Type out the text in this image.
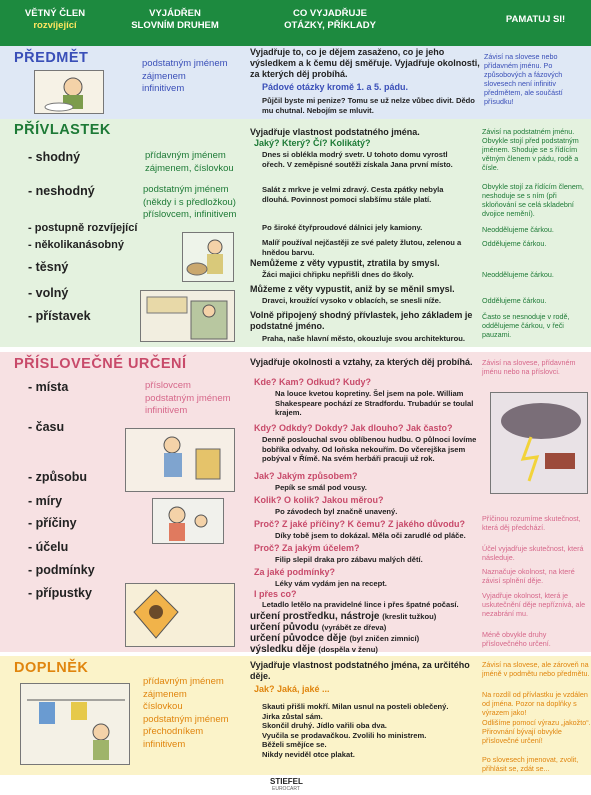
VĚTNÝ ČLEN
rozvíjející
VYJÁDŘEN
SLOVNÍM DRUHEM
CO VYJADŘUJE
OTÁZKY, PŘÍKLADY
PAMATUJ SI!
PŘEDMĚT	podstatným jménem
zájmenem
infinitivem
Vyjadřuje to, co je dějem zasaženo, co je jeho výsledkem a k čemu děj směřuje. Vyjadřuje okolnosti, za kterých děj probíhá.
Pádové otázky kromě 1. a 5. pádu.
Půjčil byste mi penize? Tomu se už nelze vůbec divit. Dědo mu chutnal. Nebojím se mluvit.
Závisí na slovese nebo přídavném jménu. Po způsobových a fázových slovesech není infinitiv předmětem, ale součástí přísudku!
PŘÍVLASTEK
- shodný
- neshodný
- postupně rozvíjející
- několikanásobný
- těsný
- volný
- přístavek
přídavným jménem
zájmenem, číslovkou
podstatným jménem
(někdy i s předložkou)
příslovcem, infinitivem
Vyjadřuje vlastnost podstatného jména.
Jaký? Který? Čí? Kolikátý?
Dnes si oblékla modrý svetr. U tohoto domu vyrostl ořech. V zeměpisné soutěži získala Jana první místo.
Salát z mrkve je velmi zdravý. Cesta zpátky nebyla dlouhá. Povinnost pomoci slabšímu stále platí.
Po široké čtyřproudové dálnici jely kamiony.
Malíř používal nejčastěji ze své palety žlutou, zelenou a hnědou barvu.
Nemůžeme z věty vypustit, ztratila by smysl.
Žáci majici chřipku nepřišli dnes do školy.
Můžeme z věty vypustit, aniž by se měnil smysl.
Dravci, kroužící vysoko v oblacích, se snesli níže.
Volně připojený shodný přívlastek, jeho základem je podstatné jméno.
Praha, naše hlavní město, okouzluje svou architekturou.
Závisí na podstatném jménu. Obvykle stojí před podstatným jménem. Shoduje se s řídícím větným členem v pádu, rodě a čísle.
Obvykle stojí za řídícím členem, neshoduje se s ním (při skloňování se celá skladební dvojice nemění).
Neoddělujeme čárkou.
Oddělujeme čárkou.
Neoddělujeme čárkou.
Oddělujeme čárkou.
Často se nesnoduje v rodě, oddělujeme čárkou, v řeči pauzami.
PŘÍSLOVEČNÉ URČENÍ
- místa
- času
- způsobu
- míry
- příčiny
- účelu
- podmínky
- přípustky
příslovcem
podstatným jménem
infinitivem
Vyjadřuje okolnosti a vztahy, za kterých děj probíhá.
Kde? Kam? Odkud? Kudy?
Na louce kvetou kopretiny. Šel jsem na pole. William Shakespeare pochází ze Stradfordu. Trubadúr se toulal krajem.
Kdy? Odkdy? Dokdy? Jak dlouho? Jak často?
Denně poslouchal svou oblíbenou hudbu. O půlnoci lovíme bobříka odvahy. Od loňska nekouřím. Do včerejška jsem pobýval v Římě. Na svém herbáři pracuji už rok.
Jak? Jakým způsobem?
Pepík se smál pod vousy.
Kolik? O kolik? Jakou měrou?
Po závodech byl značně unavený.
Proč? Z jaké příčiny? K čemu? Z jakého důvodu?
Díky tobě jsem to dokázal. Měla oči zarudlé od pláče.
Proč? Za jakým účelem?
Filip slepil draka pro zábavu malých dětí.
Za jaké podmínky?
Léky vám vydám jen na recept.
I přes co?
Letadlo letělo na pravidelné lince i přes špatné počasí.
určení prostředku, nástroje (kreslit tužkou)
určení původu (vyrábět ze dřeva)
určení původce děje (byl zničen zimnicí)
výsledku děje (dospěla v ženu)
Závisí na slovese, přídavném jménu nebo na příslovci.
Příčinou rozumíme skutečnost, která děj předchází.
Účel vyjadřuje skutečnost, která následuje.
Naznačuje okolnost, na které závisí splnění děje.
Vyjadřuje okolnost, která je uskutečnění děje nepříznivá, ale nezabrání mu.
Méně obvykle druhy příslovečného určení.
DOPLNĚK
přídavným jménem
zájmenem
číslovkou
podstatným jménem
přechodníkem
infinitivem
Vyjadřuje vlastnost podstatného jména, za určitého děje.
Jak? Jaká, jaké ...
Skauti přišli mokří. Milan usnul na posteli oblečený.
Jirka zůstal sám.
Skončil druhý. Jídlo vařili oba dva.
Vyučila se prodavačkou. Zvolili ho ministrem.
Běželi smějíce se.
Nikdy neviděl otce plakat.
Závisí na slovese, ale zároveň na jméně v podmětu nebo předmětu.
Na rozdíl od přívlastku je vzdálen od jména. Pozor na doplňky s výrazem jako!
Odlišíme pomocí výrazu „jakožto“. Přirovnání bývají obvykle příslovečné určení!
Po slovesech jmenovat, zvolit, přihlásit se, zdát se...
STIEFEL
EUROCART
